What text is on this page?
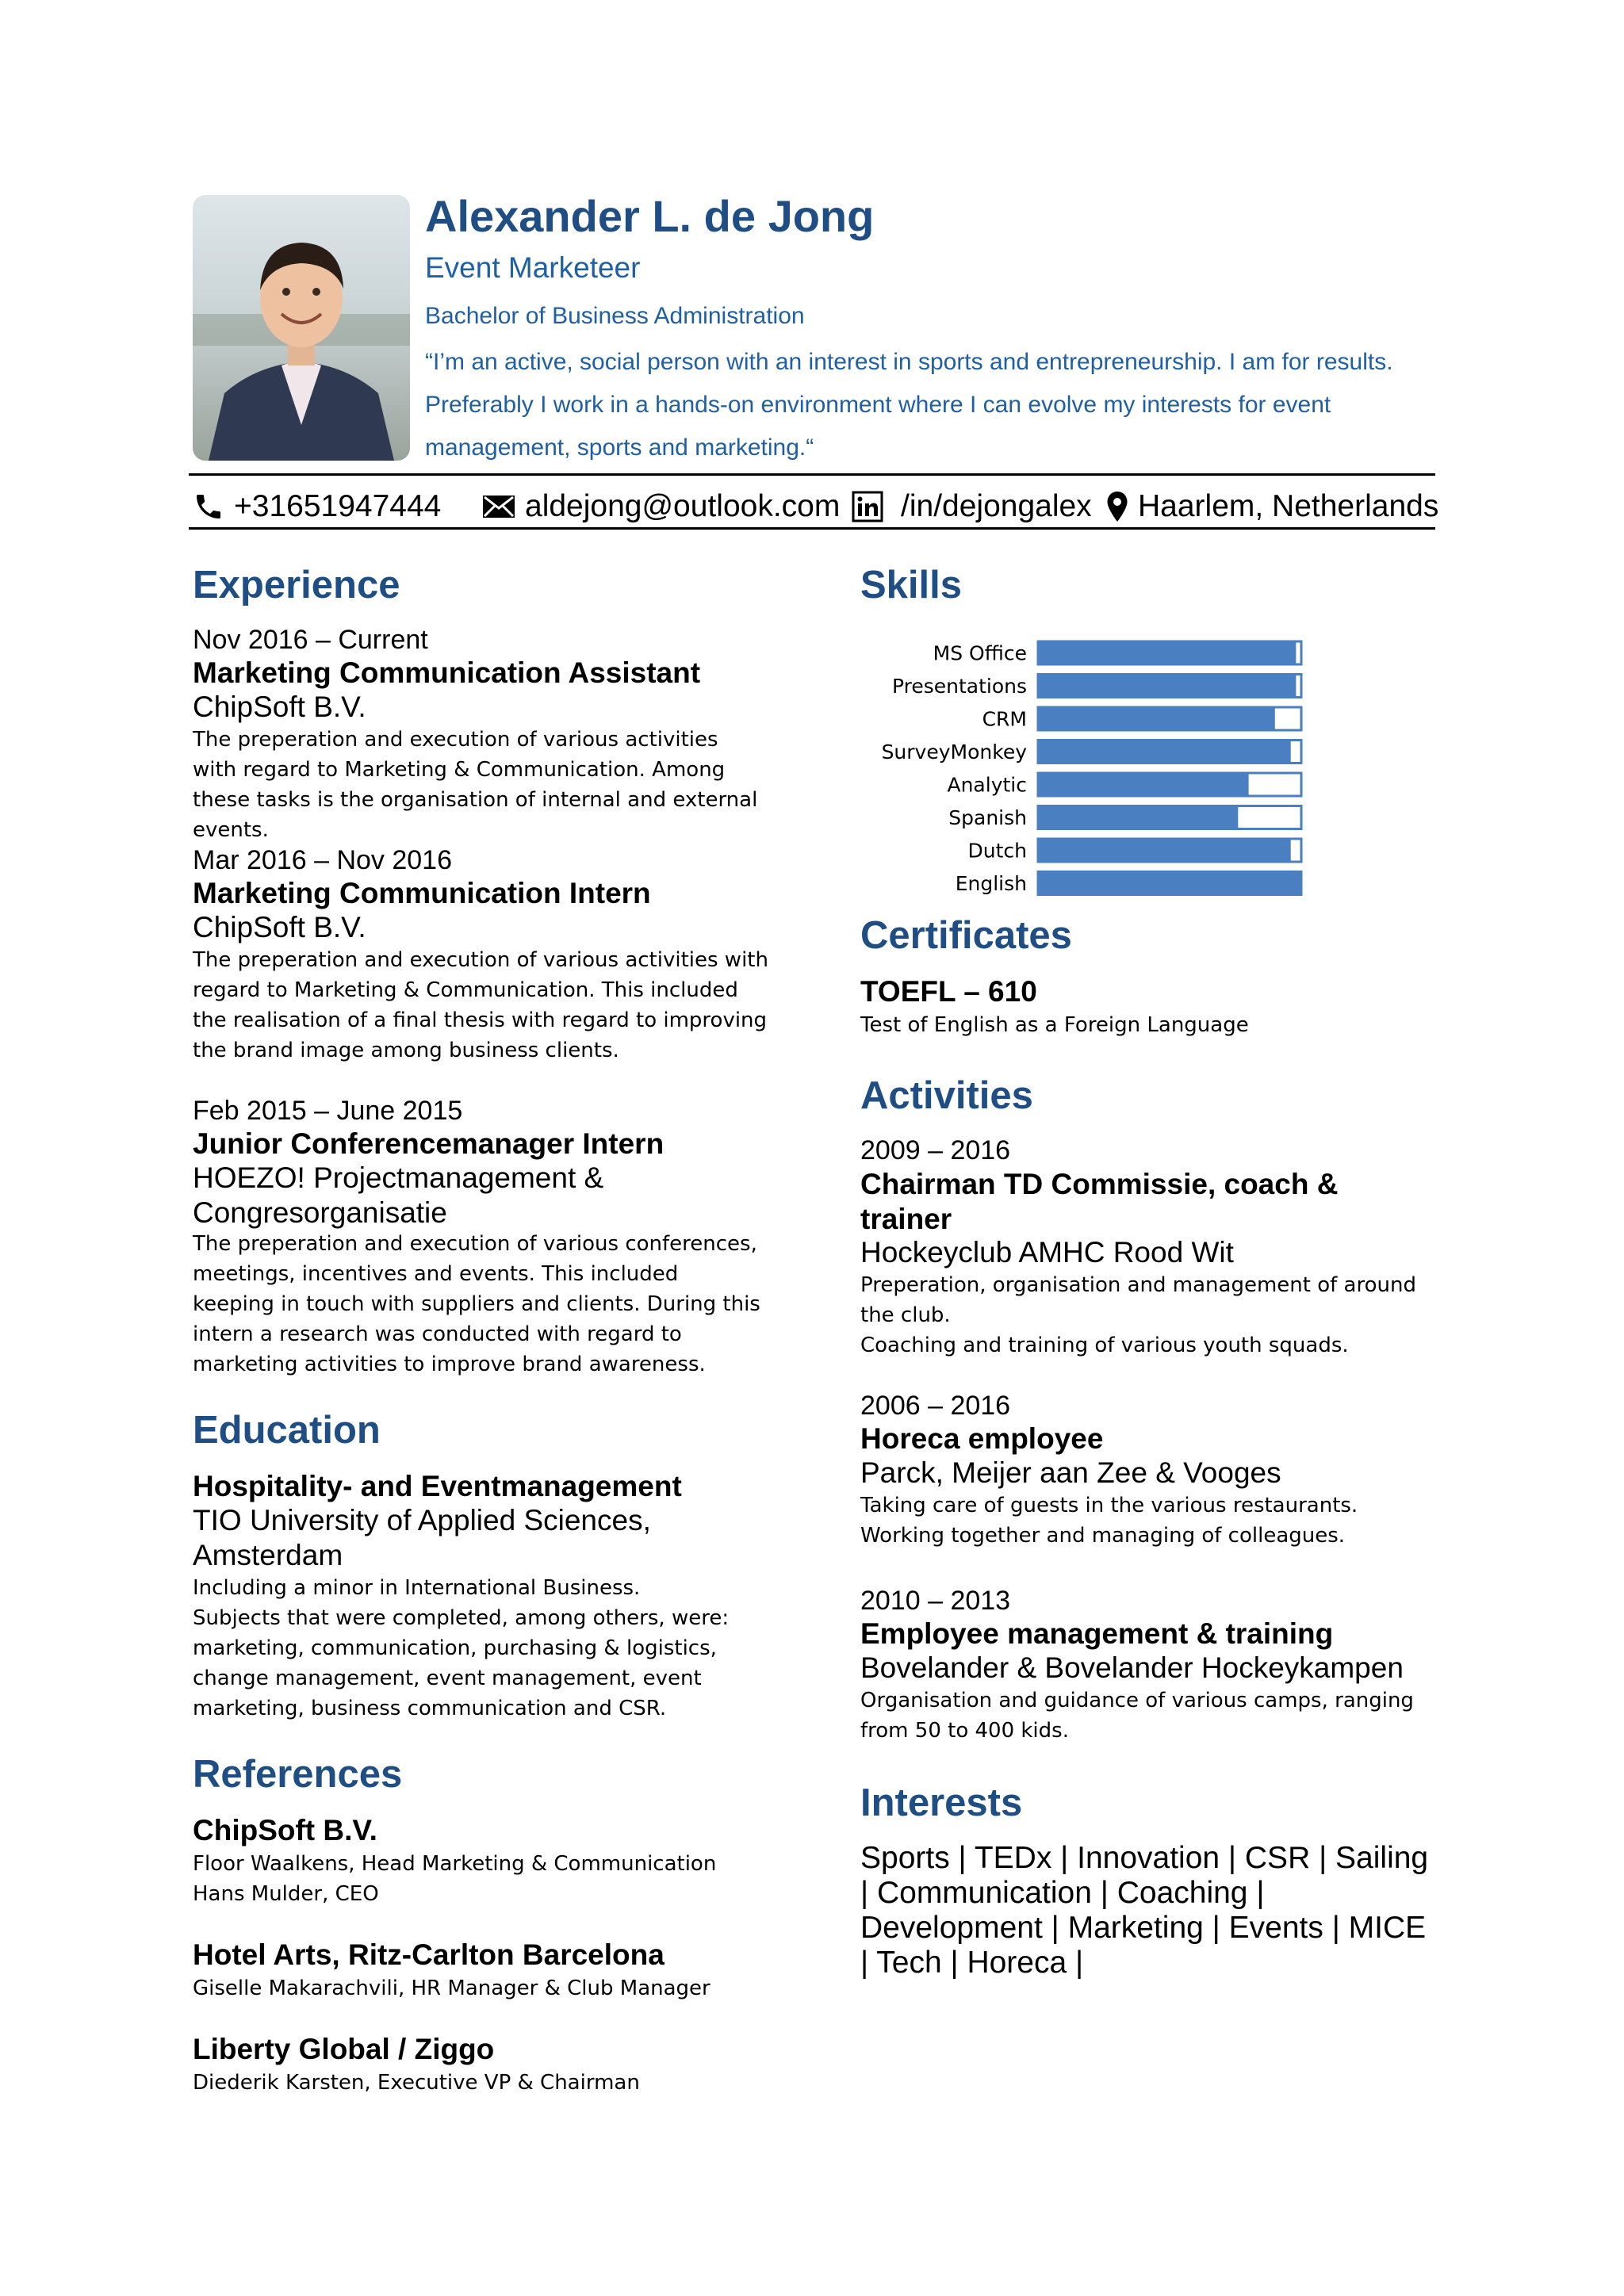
Alexander L. de Jong
Event Marketeer
Bachelor of Business Administration
“I’m an active, social person with an interest in sports and entrepreneurship. I am for results. Preferably I work in a hands-on environment where I can evolve my interests for event management, sports and marketing.“
+31651947444	aldejong@outlook.com /in/dejongalex Haarlem, Netherlands
Experience
Nov 2016 – Current
Marketing Communication Assistant
ChipSoft B.V.
The preperation and execution of various activities with regard to Marketing & Communication. Among these tasks is the organisation of internal and external events.
Mar 2016 – Nov 2016
Marketing Communication Intern
ChipSoft B.V.
The preperation and execution of various activities with regard to Marketing & Communication. This included the realisation of a final thesis with regard to improving the brand image among business clients.
Feb 2015 – June 2015
Junior Conferencemanager Intern
HOEZO! Projectmanagement & Congresorganisatie
The preperation and execution of various conferences, meetings, incentives and events. This included keeping in touch with suppliers and clients. During this intern a research was conducted with regard to marketing activities to improve brand awareness.
Education
Hospitality- and Eventmanagement
TIO University of Applied Sciences, Amsterdam
Including a minor in International Business.
Subjects that were completed, among others, were: marketing, communication, purchasing & logistics, change management, event management, event marketing, business communication and CSR.
References
ChipSoft B.V.
Floor Waalkens, Head Marketing & Communication
Hans Mulder, CEO
Hotel Arts, Ritz-Carlton Barcelona
Giselle Makarachvili, HR Manager & Club Manager
Liberty Global / Ziggo
Diederik Karsten, Executive VP & Chairman
Skills
MS Office
Presentations
CRM
SurveyMonkey
Analytic
Spanish
Dutch
English
Certificates
TOEFL – 610
Test of English as a Foreign Language
Activities
2009 – 2016
Chairman TD Commissie, coach & trainer
Hockeyclub AMHC Rood Wit
Preperation, organisation and management of around the club.
Coaching and training of various youth squads.
2006 – 2016
Horeca employee
Parck, Meijer aan Zee & Vooges
Taking care of guests in the various restaurants. Working together and managing of colleagues.
2010 – 2013
Employee management & training
Bovelander & Bovelander Hockeykampen
Organisation and guidance of various camps, ranging from 50 to 400 kids.
Interests
Sports | TEDx | Innovation | CSR | Sailing | Communication | Coaching | Development | Marketing | Events | MICE | Tech | Horeca |
